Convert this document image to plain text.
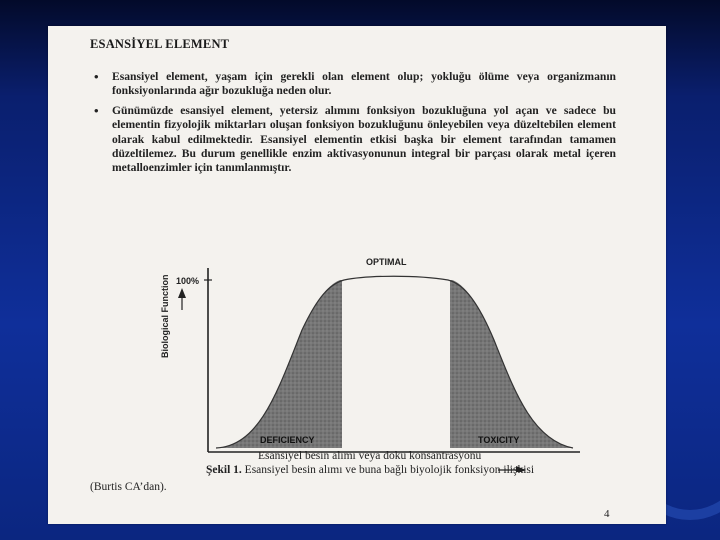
ESANSİYEL ELEMENT
• Esansiyel element, yaşam için gerekli olan element olup; yokluğu ölüme veya organizmanın fonksiyonlarında ağır bozukluğa neden olur.
• Günümüzde esansiyel element, yetersiz alımını fonksiyon bozukluğuna yol açan ve sadece bu elementin fizyolojik miktarları oluşan fonksiyon bozukluğunu önleyebilen veya düzeltebilen element olarak kabul edilmektedir. Esansiyel elementin etkisi başka bir element tarafından tamamen düzeltilemez. Bu durum genellikle enzim aktivasyonunun integral bir parçası olarak metal içeren metalloenzimler için tanımlanmıştır.
100%
OPTIMAL
DEFICIENCY	TOXICITY
Biological Function
Esansiyel besin alımı veya doku konsantrasyonu
Şekil 1. Esansiyel besin alımı ve buna bağlı biyolojik fonksiyon ilişkisi
(Burtis CA’dan).
4
